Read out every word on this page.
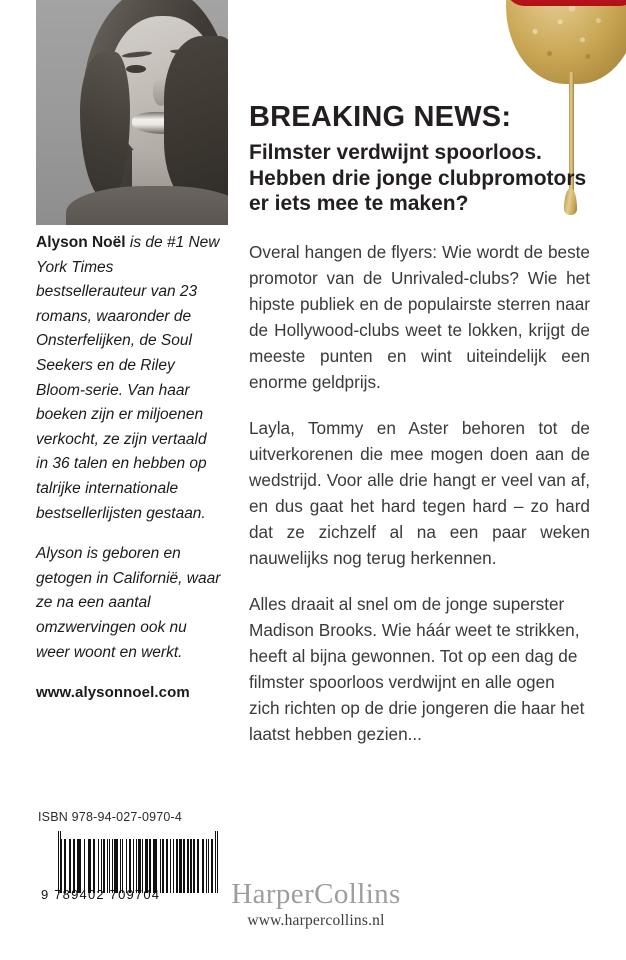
Alyson Noël is de #1 New York Times bestsellerauteur van 23 romans, waaronder de Onsterfelijken, de Soul Seekers en de Riley Bloom-serie. Van haar boeken zijn er miljoenen verkocht, ze zijn vertaald in 36 talen en hebben op talrijke internationale bestsellerlijsten gestaan.

Alyson is geboren en getogen in Californië, waar ze na een aantal omzwervingen ook nu weer woont en werkt.

www.alysonnoel.com
BREAKING NEWS:
Filmster verdwijnt spoorloos. Hebben drie jonge clubpromotors er iets mee te maken?

Overal hangen de flyers: Wie wordt de beste promotor van de Unrivaled-clubs? Wie het hipste publiek en de populairste sterren naar de Hollywood-clubs weet te lokken, krijgt de meeste punten en wint uiteindelijk een enorme geldprijs.

Layla, Tommy en Aster behoren tot de uitverkorenen die mee mogen doen aan de wedstrijd. Voor alle drie hangt er veel van af, en dus gaat het hard tegen hard – zo hard dat ze zichzelf al na een paar weken nauwelijks nog terug herkennen.

Alles draait al snel om de jonge superster Madison Brooks. Wie háár weet te strikken, heeft al bijna gewonnen. Tot op een dag de filmster spoorloos verdwijnt en alle ogen zich richten op de drie jongeren die haar het laatst hebben gezien...

ISBN 978-94-027-0970-4
9 789402 709704	HarperCollins
www.harpercollins.nl
